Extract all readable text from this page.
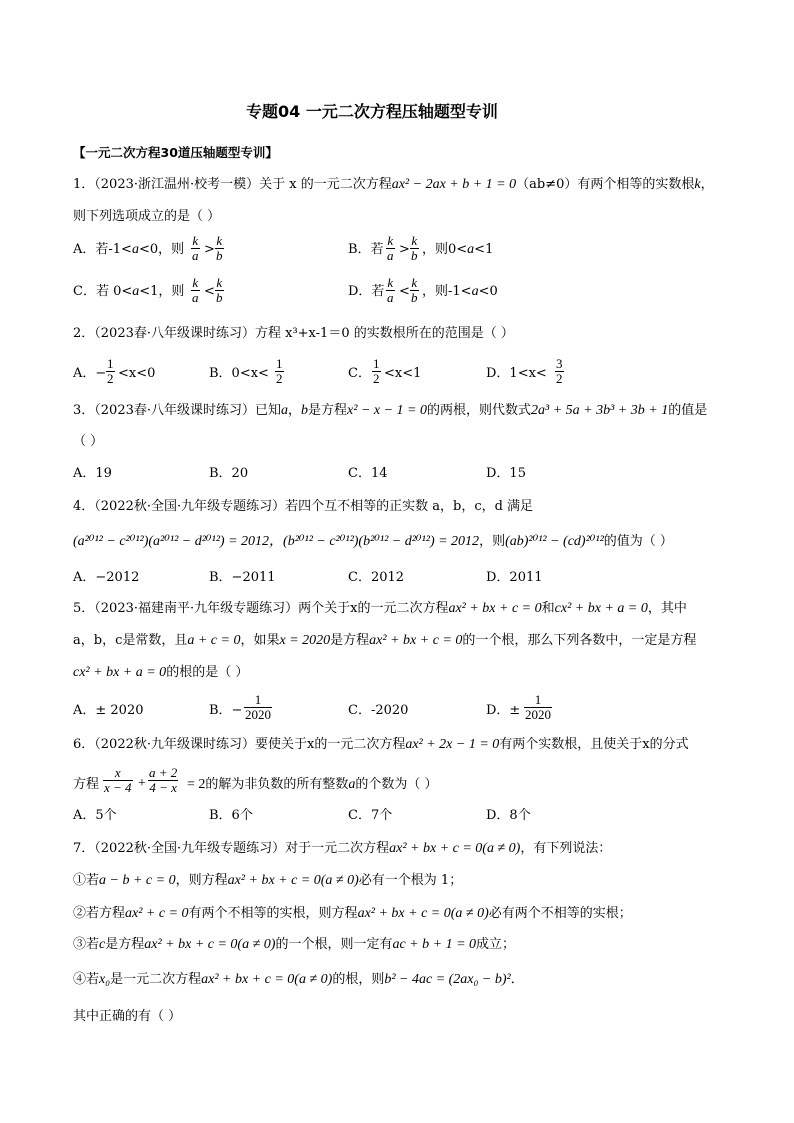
专题04 一元二次方程压轴题型专训
【一元二次方程30道压轴题型专训】
1．（2023·浙江温州·校考一模）关于 x 的一元二次方程ax² − 2ax + b + 1 = 0（ab≠0）有两个相等的实数根k，
则下列选项成立的是（ ）
A．若-1<a<0，则 $\frac{k}{a} > \frac{k}{b}$	B．若 $\frac{k}{a} > \frac{k}{b}$ ，则0<a<1
C．若 0<a<1，则 $\frac{k}{a} < \frac{k}{b}$	D．若 $\frac{k}{a} < \frac{k}{b}$ ，则-1<a<0
2．（2023春·八年级课时练习）方程 x³+x-1＝0 的实数根所在的范围是（ ）
A．− $\frac{1}{2} <x<0$	B．$0<x< \frac{1}{2}$	C． $\frac{1}{2} <x<1$	D．$1<x< \frac{3}{2}$
3．（2023春·八年级课时练习）已知a，b是方程x² − x − 1 = 0的两根，则代数式2a³ + 5a + 3b³ + 3b + 1的值是
（ ）
A．19	B．20	C．14	D．15
4．（2022秋·全国·九年级专题练习）若四个互不相等的正实数 a，b，c，d 满足
(a²⁰¹² − c²⁰¹²)(a²⁰¹² − d²⁰¹²) = 2012，(b²⁰¹² − c²⁰¹²)(b²⁰¹² − d²⁰¹²) = 2012，则(ab)²⁰¹² − (cd)²⁰¹²的值为（ ）
A．−2012	B．−2011	C．2012	D．2011
5．（2023·福建南平·九年级专题练习）两个关于x的一元二次方程ax² + bx + c = 0和cx² + bx + a = 0，其中
a，b，c是常数，且a + c = 0，如果x = 2020是方程ax² + bx + c = 0的一个根，那么下列各数中，一定是方程
cx² + bx + a = 0的根的是（ ）
A．± 2020	B．− $\frac{1}{2020}$	C．-2020	D．± $\frac{1}{2020}$
6．（2022秋·九年级课时练习）要使关于x的一元二次方程ax² + 2x − 1 = 0有两个实数根，且使关于x的分式
方程 $\frac{x}{x - 4} + \frac{a + 2}{4 - x} = 2$的解为非负数的所有整数a的个数为（ ）
A．5个	B．6个	C．7个	D．8个
7．（2022秋·全国·九年级专题练习）对于一元二次方程ax² + bx + c = 0(a ≠ 0)，有下列说法：
①若a − b + c = 0，则方程ax² + bx + c = 0(a ≠ 0)必有一个根为 1；
②若方程ax² + c = 0有两个不相等的实根，则方程ax² + bx + c = 0(a ≠ 0)必有两个不相等的实根；
③若c是方程ax² + bx + c = 0(a ≠ 0)的一个根，则一定有ac + b + 1 = 0成立；
④若x₀是一元二次方程ax² + bx + c = 0(a ≠ 0)的根，则b² − 4ac = (2ax₀ − b)²．
其中正确的有（ ）
